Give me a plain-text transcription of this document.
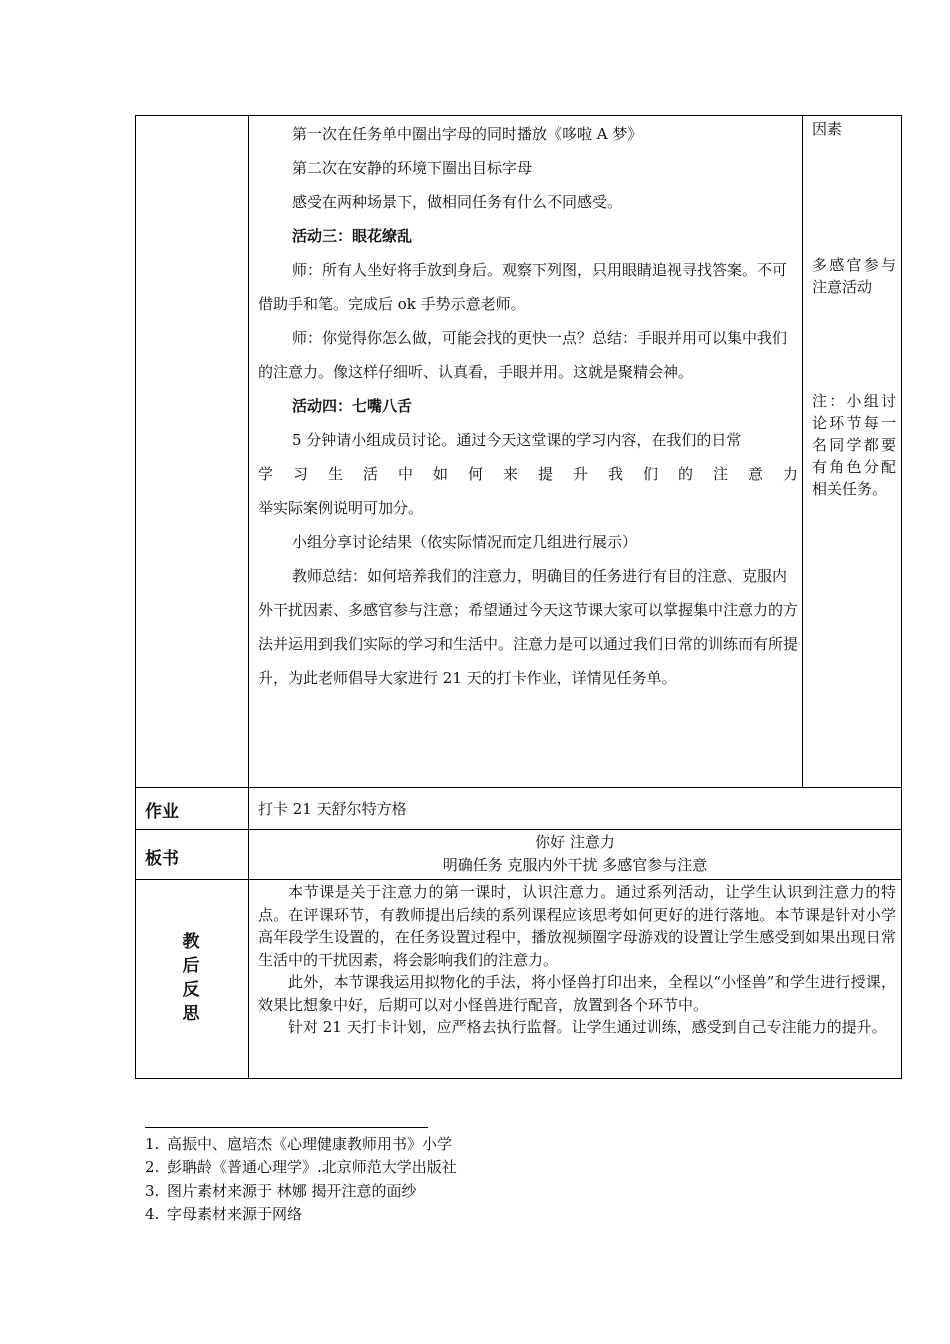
第一次在任务单中圈出字母的同时播放《哆啦 A 梦》

第二次在安静的环境下圈出目标字母

感受在两种场景下，做相同任务有什么不同感受。

活动三：眼花缭乱

师：所有人坐好将手放到身后。观察下列图，只用眼睛追视寻找答案。不可借助手和笔。完成后 ok 手势示意老师。

师：你觉得你怎么做，可能会找的更快一点？总结：手眼并用可以集中我们的注意力。像这样仔细听、认真看，手眼并用。这就是聚精会神。

活动四：七嘴八舌

5 分钟请小组成员讨论。通过今天这堂课的学习内容，在我们的日常

学 习 生 活 中 如 何 来 提 升 我 们 的 注 意 力

举实际案例说明可加分。

小组分享讨论结果（依实际情况而定几组进行展示）

教师总结：如何培养我们的注意力，明确目的任务进行有目的注意、克服内外干扰因素、多感官参与注意；希望通过今天这节课大家可以掌握集中注意力的方法并运用到我们实际的学习和生活中。注意力是可以通过我们日常的训练而有所提升，为此老师倡导大家进行 21 天的打卡作业，详情见任务单。

因素
多感官参与注意活动
注：小组讨论环节每一名同学都要有角色分配相关任务。
作业	打卡 21 天舒尔特方格
板书
你好 注意力
明确任务 克服内外干扰 多感官参与注意
教后反思

本节课是关于注意力的第一课时，认识注意力。通过系列活动，让学生认识到注意力的特点。在评课环节，有教师提出后续的系列课程应该思考如何更好的进行落地。本节课是针对小学高年段学生设置的，在任务设置过程中，播放视频圈字母游戏的设置让学生感受到如果出现日常生活中的干扰因素，将会影响我们的注意力。

此外，本节课我运用拟物化的手法，将小怪兽打印出来，全程以“小怪兽”和学生进行授课，效果比想象中好，后期可以对小怪兽进行配音，放置到各个环节中。

针对 21 天打卡计划，应严格去执行监督。让学生通过训练，感受到自己专注能力的提升。

1. 高振中、扈培杰《心理健康教师用书》小学
2. 彭聃龄《普通心理学》.北京师范大学出版社
3. 图片素材来源于 林娜 揭开注意的面纱
4. 字母素材来源于网络
